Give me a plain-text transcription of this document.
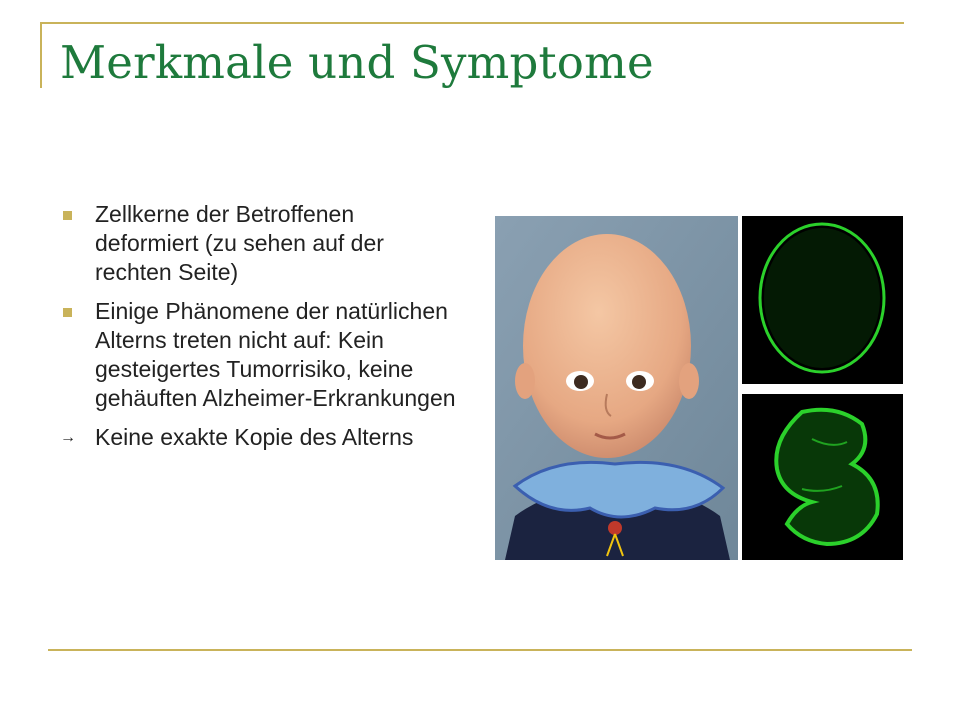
Merkmale und Symptome
Zellkerne der Betroffenen deformiert (zu sehen auf der rechten Seite)
Einige Phänomene der natürlichen Alterns treten nicht auf: Kein gesteigertes Tumorrisiko, keine gehäuften Alzheimer-Erkrankungen
→ Keine exakte Kopie des Alterns
